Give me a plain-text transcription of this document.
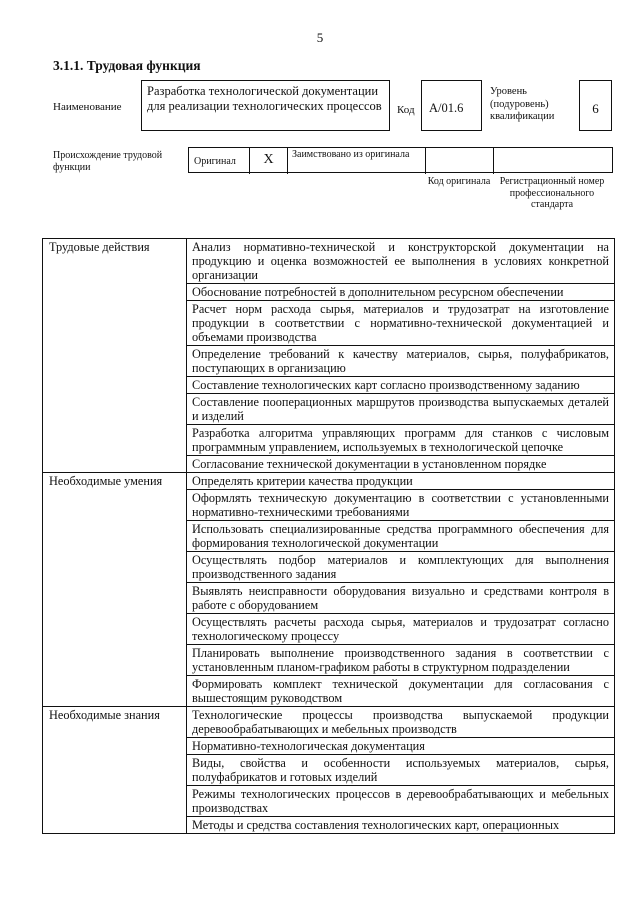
5
3.1.1. Трудовая функция
Наименование
Разработка технологической документации для реализации технологических процессов	Код	A/01.6
Уровень (подуровень) квалификации
6
Происхождение трудовой функции	Оригинал	X	Заимствовано из оригинала
Код оригинала Регистрационный номер профессионального стандарта
Трудовые действия	Анализ нормативно-технической и конструкторской документации на продукцию и оценка возможностей ее выполнения в условиях конкретной организации
	Обоснование потребностей в дополнительном ресурсном обеспечении
	Расчет норм расхода сырья, материалов и трудозатрат на изготовление продукции в соответствии с нормативно-технической документацией и объемами производства
	Определение требований к качеству материалов, сырья, полуфабрикатов, поступающих в организацию
	Составление технологических карт согласно производственному заданию
	Составление пооперационных маршрутов производства выпускаемых деталей и изделий
	Разработка алгоритма управляющих программ для станков с числовым программным управлением, используемых в технологической цепочке
	Согласование технической документации в установленном порядке
Необходимые умения	Определять критерии качества продукции
	Оформлять техническую документацию в соответствии с установленными нормативно-техническими требованиями
	Использовать специализированные средства программного обеспечения для формирования технологической документации
	Осуществлять подбор материалов и комплектующих для выполнения производственного задания
	Выявлять неисправности оборудования визуально и средствами контроля в работе с оборудованием
	Осуществлять расчеты расхода сырья, материалов и трудозатрат согласно технологическому процессу
	Планировать выполнение производственного задания в соответствии с установленным планом-графиком работы в структурном подразделении
	Формировать комплект технической документации для согласования с вышестоящим руководством
Необходимые знания	Технологические процессы производства выпускаемой продукции деревообрабатывающих и мебельных производств
	Нормативно-технологическая документация
	Виды, свойства и особенности используемых материалов, сырья, полуфабрикатов и готовых изделий
	Режимы технологических процессов в деревообрабатывающих и мебельных производствах
	Методы и средства составления технологических карт, операционных
